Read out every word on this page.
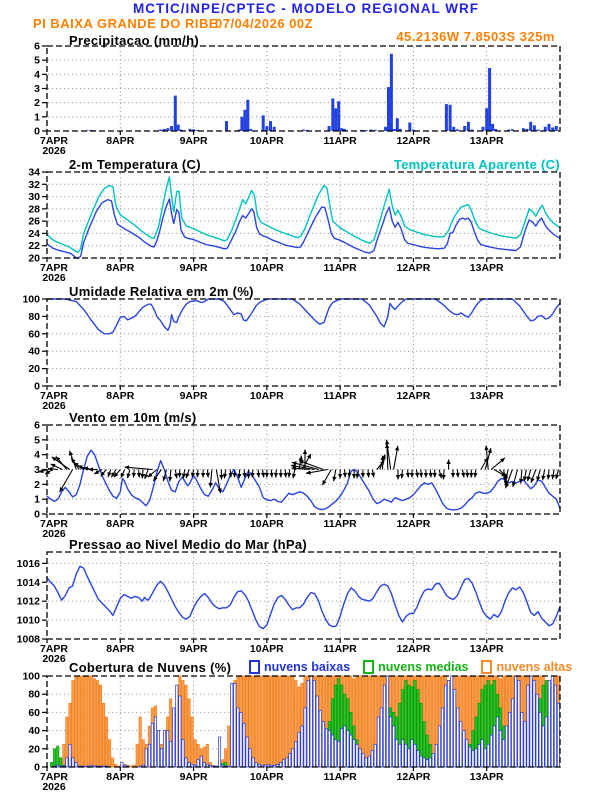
MCTIC/INPE/CPTEC - MODELO REGIONAL WRF
PI BAIXA GRANDE DO RIBE
07/04/2026 00Z
45.2136W 7.8503S 325m
Precipitacao (mm/h)
2-m Temperatura (C)	Temperatura Aparente (C)
Umidade Relativa em 2m (%)
Vento em 10m (m/s)
Pressao ao Nivel Medio do Mar (hPa)
Cobertura de Nuvens (%)	nuvens baixas nuvens medias nuvens altas
0
1
2
3
4
5
6
7APR	8APR	9APR	10APR	11APR	12APR	13APR
2026
20
22
24
26
28
30
32
34
7APR	8APR	9APR	10APR	11APR	12APR	13APR
2026
0
20
40
60
80
100
7APR	8APR	9APR	10APR	11APR	12APR	13APR
2026
0
1
2
3
4
5
6
7APR	8APR	9APR	10APR	11APR	12APR	13APR
2026
1008
1010
1012
1014
1016
7APR	8APR	9APR	10APR	11APR	12APR	13APR
2026
0
20
40
60
80
100
7APR	8APR	9APR	10APR	11APR	12APR	13APR
2026
